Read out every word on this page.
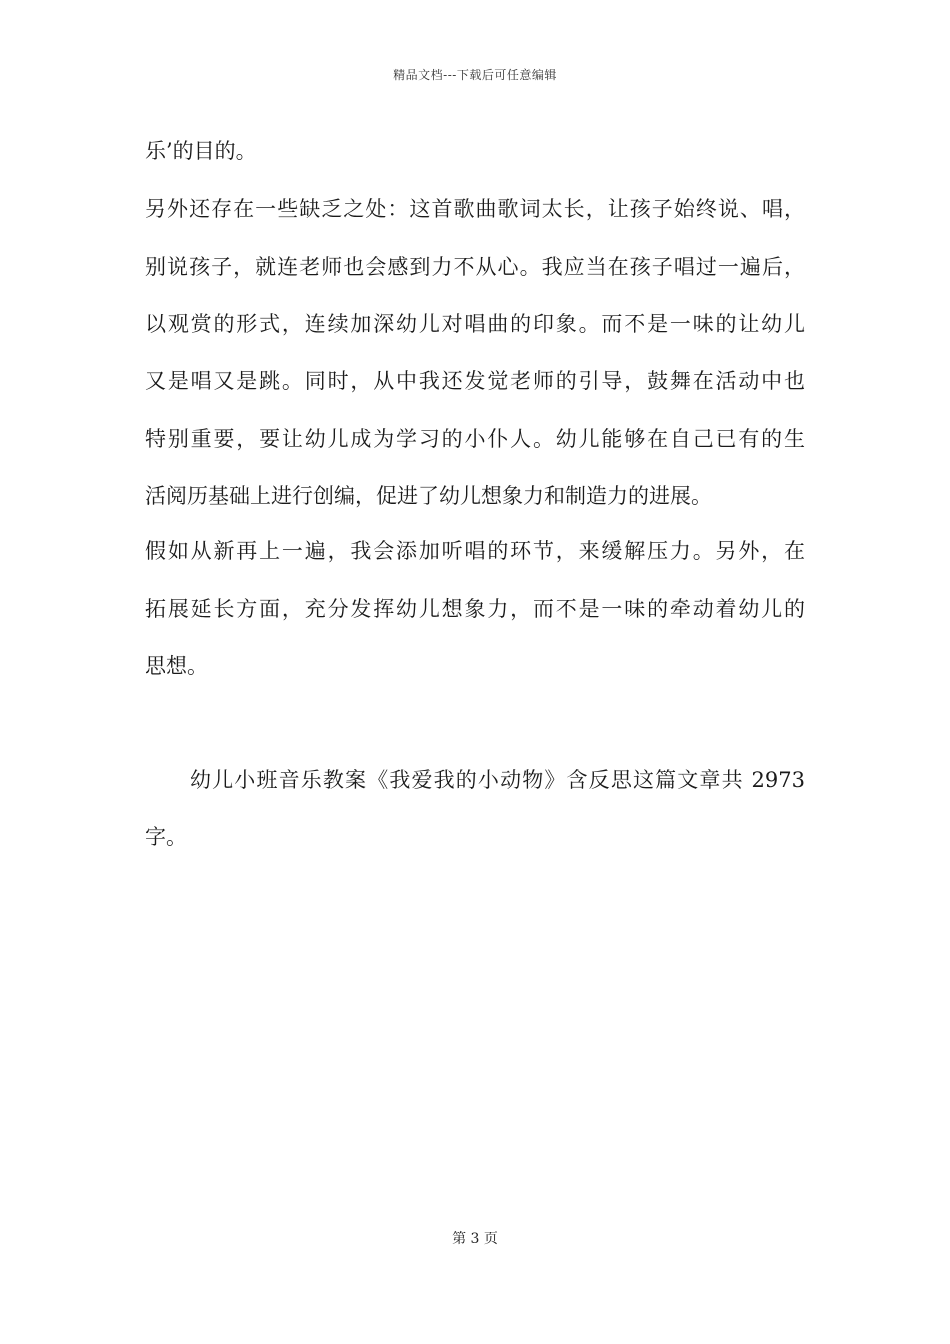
精品文档---下载后可任意编辑
乐’的目的。
另外还存在一些缺乏之处：这首歌曲歌词太长，让孩子始终说、唱，
别说孩子，就连老师也会感到力不从心。我应当在孩子唱过一遍后，
以观赏的形式，连续加深幼儿对唱曲的印象。而不是一味的让幼儿
又是唱又是跳。同时，从中我还发觉老师的引导，鼓舞在活动中也
特别重要，要让幼儿成为学习的小仆人。幼儿能够在自己已有的生
活阅历基础上进行创编，促进了幼儿想象力和制造力的进展。
假如从新再上一遍，我会添加听唱的环节，来缓解压力。另外，在
拓展延长方面，充分发挥幼儿想象力，而不是一味的牵动着幼儿的
思想。
幼儿小班音乐教案《我爱我的小动物》含反思这篇文章共 2973
字。
第 3 页
